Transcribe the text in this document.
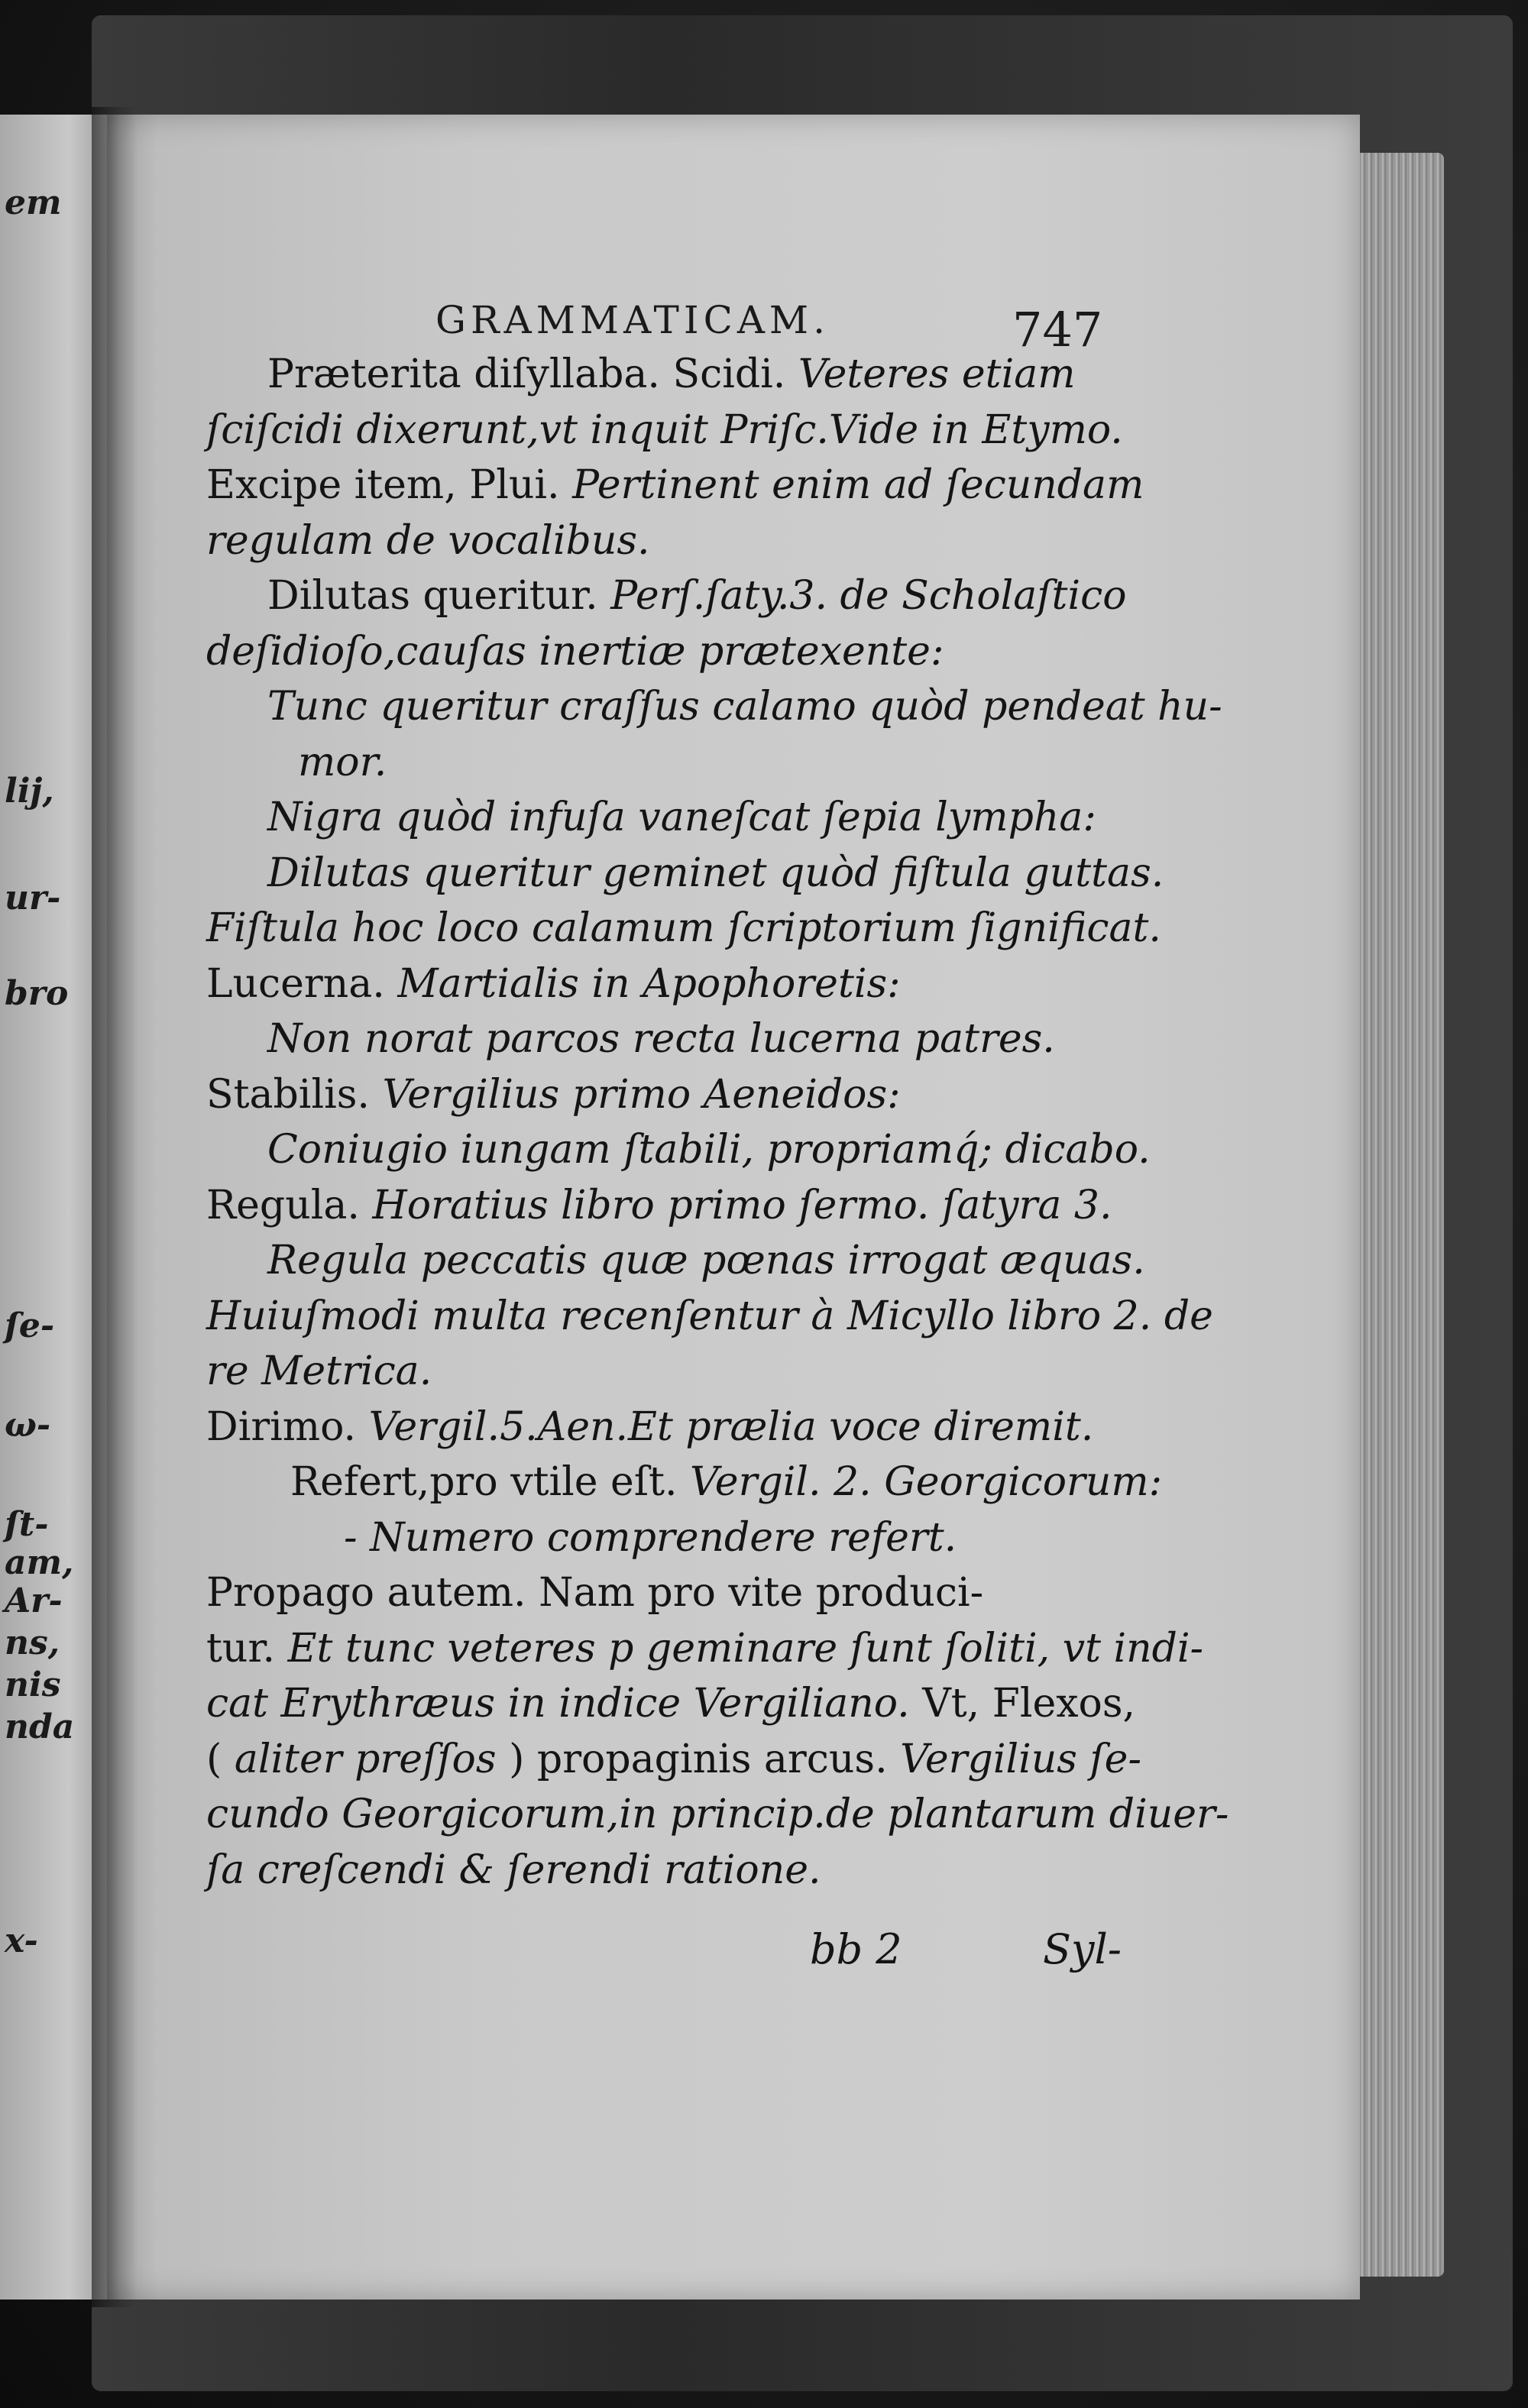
em
lij,
ur-
bro
ſe-
ω-
ſt-
am,
Ar-
ns,
nis
nda
x-
GRAMMATICAM.	747
Præterita diſyllaba. Scidi. Veteres etiam
ſciſcidi dixerunt,vt inquit Priſc.Vide in Etymo.
Excipe item, Plui. Pertinent enim ad ſecundam
regulam de vocalibus.
Dilutas queritur. Perſ.ſaty.3. de Scholaſtico
deſidioſo,cauſas inertiæ prætexente:
Tunc queritur craſſus calamo quòd pendeat hu-
mor.
Nigra quòd infuſa vaneſcat ſepia lympha:
Dilutas queritur geminet quòd fiſtula guttas.
Fiſtula hoc loco calamum ſcriptorium ſignificat.
Lucerna. Martialis in Apophoretis:
Non norat parcos recta lucerna patres.
Stabilis. Vergilius primo Aeneidos:
Coniugio iungam ſtabili, propriamq́; dicabo.
Regula. Horatius libro primo ſermo. ſatyra 3.
Regula peccatis quæ pœnas irrogat æquas.
Huiuſmodi multa recenſentur à Micyllo libro 2. de
re Metrica.
Dirimo. Vergil.5.Aen.Et prælia voce diremit.
Refert,pro vtile eſt. Vergil. 2. Georgicorum:
- Numero comprendere refert.
Propago autem. Nam pro vite produci-
tur. Et tunc veteres p geminare ſunt ſoliti, vt indi-
cat Erythræus in indice Vergiliano. Vt, Flexos,
( aliter preſſos ) propaginis arcus. Vergilius ſe-
cundo Georgicorum,in princip.de plantarum diuer-
ſa creſcendi & ſerendi ratione.
bb 2	Syl-
